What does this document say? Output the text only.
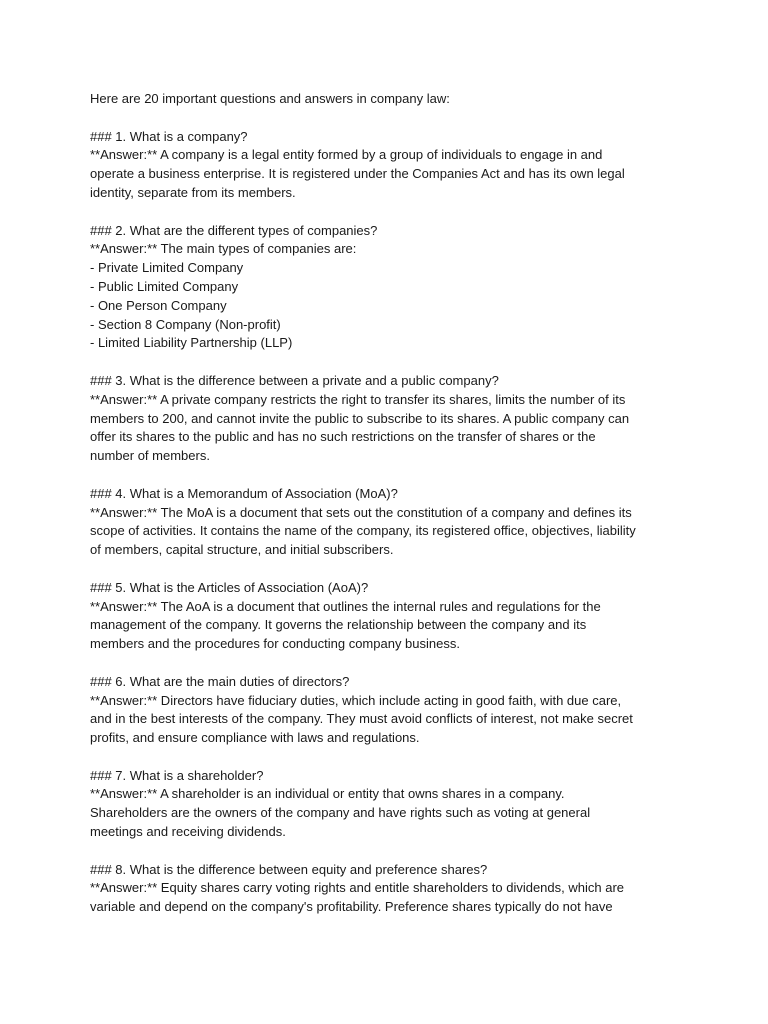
Here are 20 important questions and answers in company law:

### 1. What is a company?

**Answer:** A company is a legal entity formed by a group of individuals to engage in and

operate a business enterprise. It is registered under the Companies Act and has its own legal

identity, separate from its members.

### 2. What are the different types of companies?

**Answer:** The main types of companies are:

- Private Limited Company

- Public Limited Company

- One Person Company

- Section 8 Company (Non-profit)

- Limited Liability Partnership (LLP)

### 3. What is the difference between a private and a public company?

**Answer:** A private company restricts the right to transfer its shares, limits the number of its

members to 200, and cannot invite the public to subscribe to its shares. A public company can

offer its shares to the public and has no such restrictions on the transfer of shares or the

number of members.

### 4. What is a Memorandum of Association (MoA)?

**Answer:** The MoA is a document that sets out the constitution of a company and defines its

scope of activities. It contains the name of the company, its registered office, objectives, liability

of members, capital structure, and initial subscribers.

### 5. What is the Articles of Association (AoA)?

**Answer:** The AoA is a document that outlines the internal rules and regulations for the

management of the company. It governs the relationship between the company and its

members and the procedures for conducting company business.

### 6. What are the main duties of directors?

**Answer:** Directors have fiduciary duties, which include acting in good faith, with due care,

and in the best interests of the company. They must avoid conflicts of interest, not make secret

profits, and ensure compliance with laws and regulations.

### 7. What is a shareholder?

**Answer:** A shareholder is an individual or entity that owns shares in a company.

Shareholders are the owners of the company and have rights such as voting at general

meetings and receiving dividends.

### 8. What is the difference between equity and preference shares?

**Answer:** Equity shares carry voting rights and entitle shareholders to dividends, which are

variable and depend on the company's profitability. Preference shares typically do not have
